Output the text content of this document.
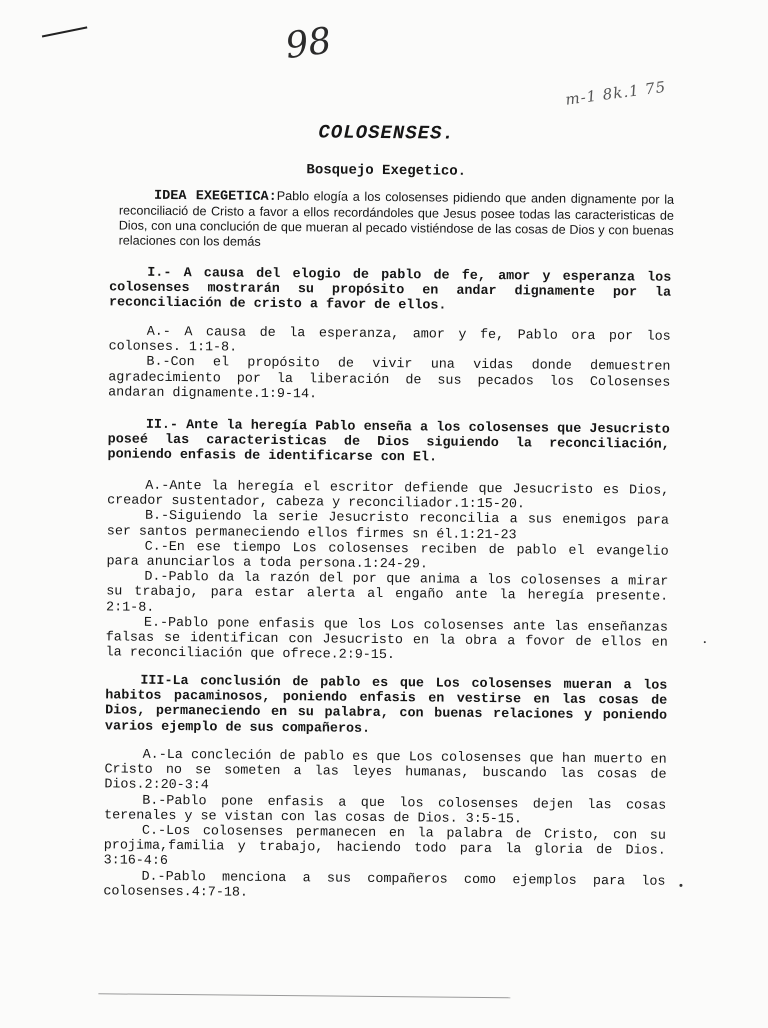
98
m-1 8k.1 75
COLOSENSES.
Bosquejo Exegetico.

IDEA EXEGETICA:Pablo elogía a los colosenses pidiendo que anden dignamente por la reconciliació de Cristo a favor a ellos recordándoles que Jesus posee todas las caracteristicas de Dios, con una conclución de que mueran al pecado vistiéndose de las cosas de Dios y con buenas relaciones con los demás

I.- A causa del elogio de pablo de fe, amor y esperanza los colosenses mostrarán su propósito en andar dignamente por la reconciliación de cristo a favor de ellos.

A.- A causa de la esperanza, amor y fe, Pablo ora por los colonses. 1:1-8.

B.-Con el propósito de vivir una vidas donde demuestren agradecimiento por la liberación de sus pecados los Colosenses andaran dignamente.1:9-14.

II.- Ante la heregía Pablo enseña a los colosenses que Jesucristo poseé las caracteristicas de Dios siguiendo la reconciliación, poniendo enfasis de identificarse con El.

A.-Ante la heregía el escritor defiende que Jesucristo es Dios, creador sustentador, cabeza y reconciliador.1:15-20.

B.-Siguiendo la serie Jesucristo reconcilia a sus enemigos para ser santos permaneciendo ellos firmes sn él.1:21-23

C.-En ese tiempo Los colosenses reciben de pablo el evangelio para anunciarlos a toda persona.1:24-29.

D.-Pablo da la razón del por que anima a los colosenses a mirar su trabajo, para estar alerta al engaño ante la heregía presente. 2:1-8.

E.-Pablo pone enfasis que los Los colosenses ante las enseñanzas falsas se identifican con Jesucristo en la obra a fovor de ellos en la reconciliación que ofrece.2:9-15.

III-La conclusión de pablo es que Los colosenses mueran a los habitos pacaminosos, poniendo enfasis en vestirse en las cosas de Dios, permaneciendo en su palabra, con buenas relaciones y poniendo varios ejemplo de sus compañeros.

A.-La concleción de pablo es que Los colosenses que han muerto en Cristo no se someten a las leyes humanas, buscando las cosas de Dios.2:20-3:4

B.-Pablo pone enfasis a que los colosenses dejen las cosas terenales y se vistan con las cosas de Dios. 3:5-15.

C.-Los colosenses permanecen en la palabra de Cristo, con su projima,familia y trabajo, haciendo todo para la gloria de Dios. 3:16-4:6

D.-Pablo menciona a sus compañeros como ejemplos para los colosenses.4:7-18.
